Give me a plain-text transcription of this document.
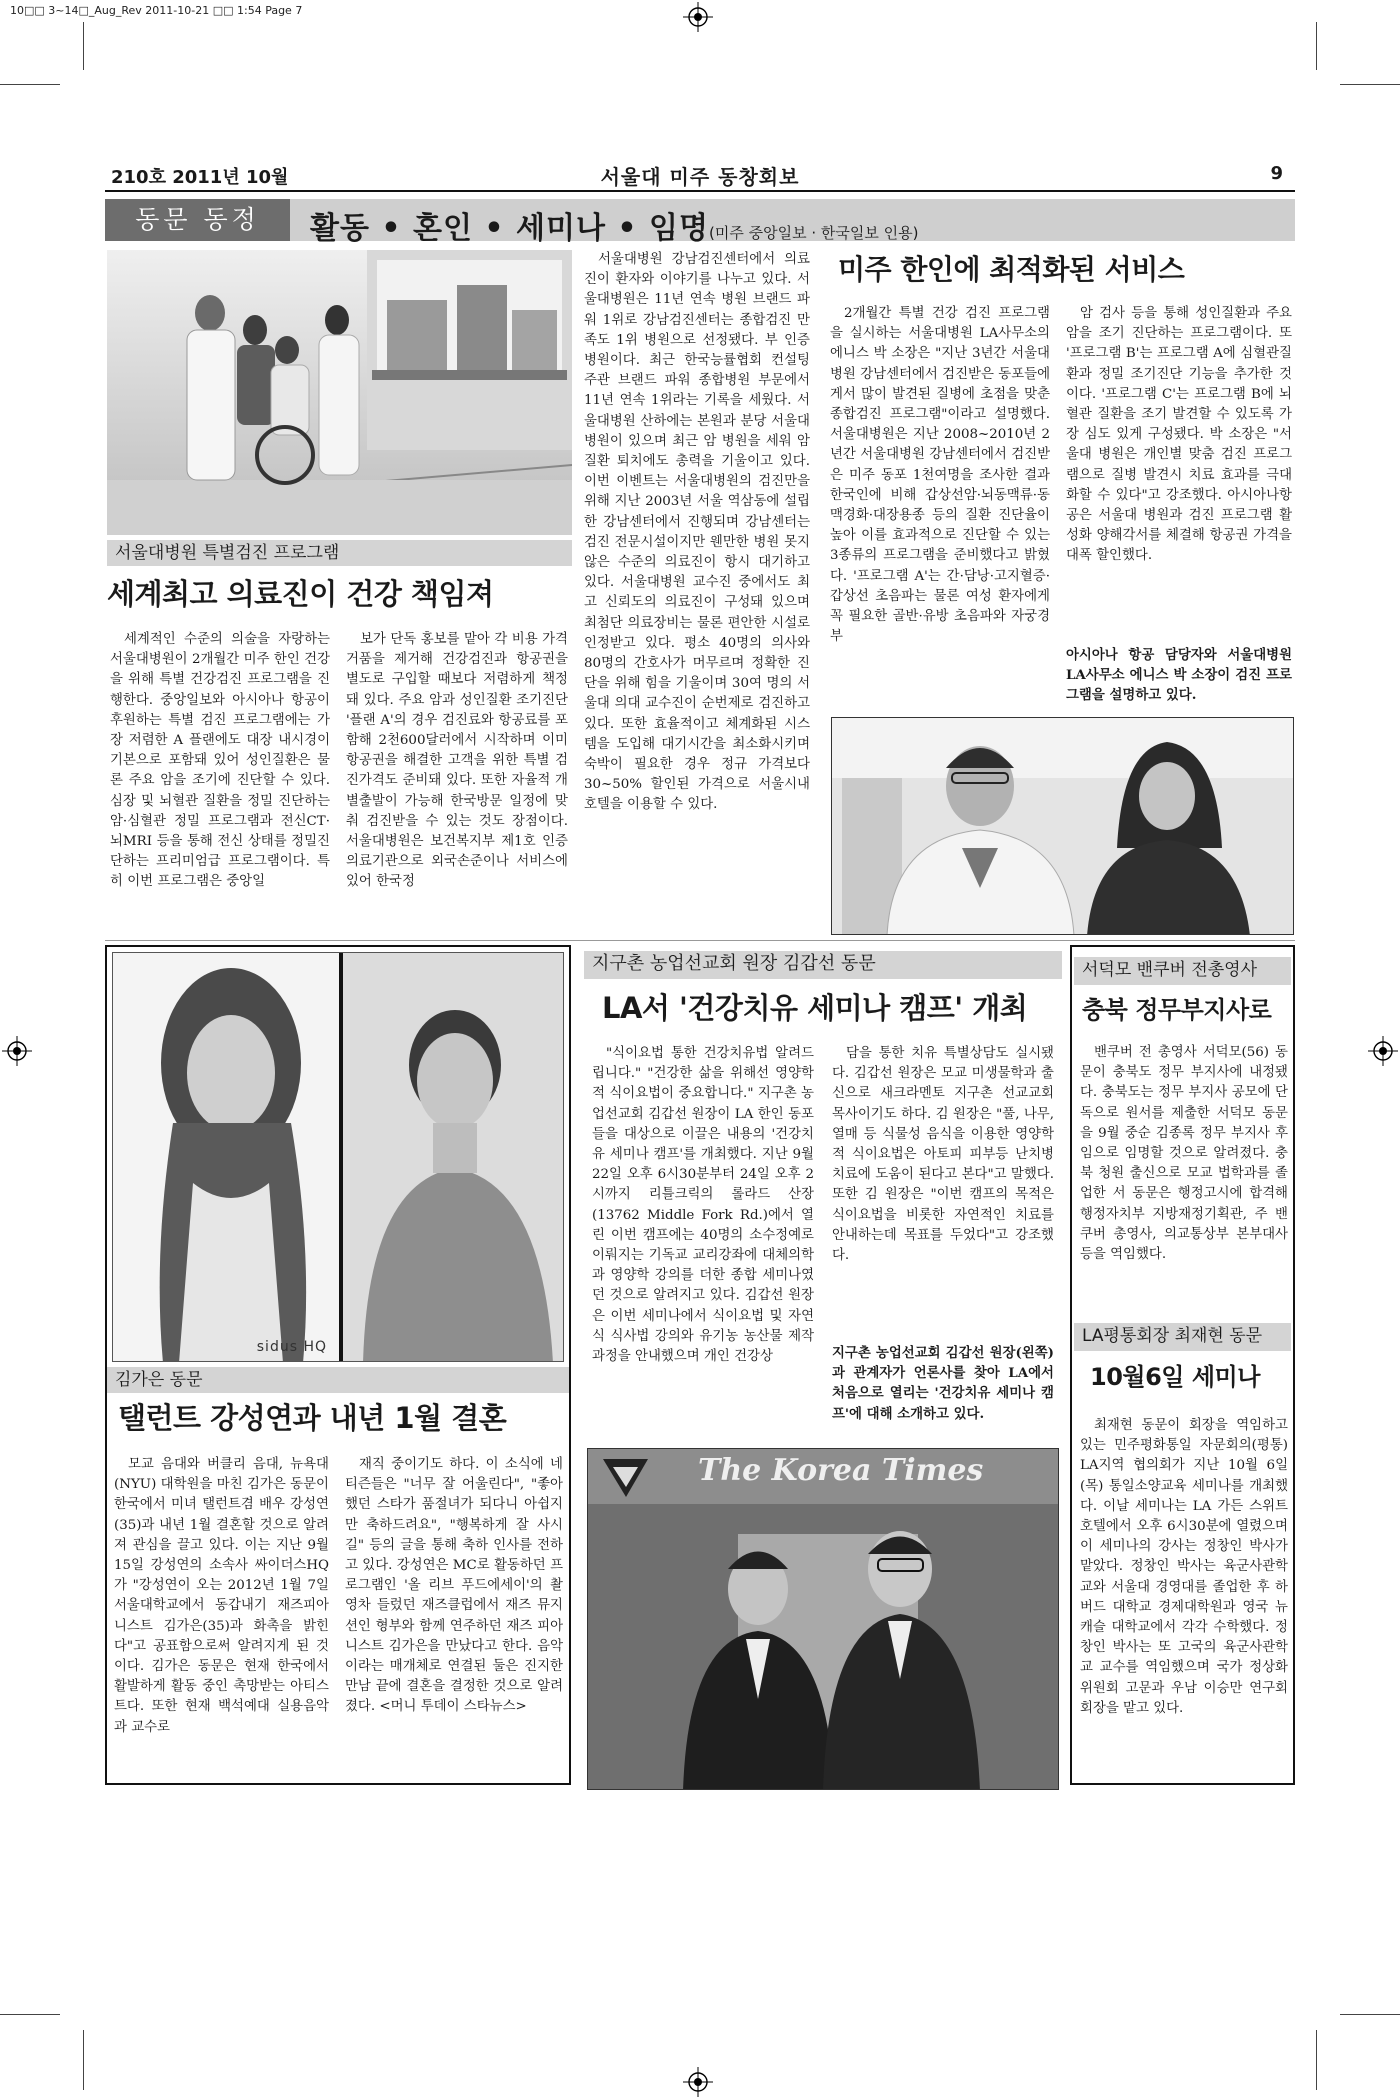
10□□ 3~14□_Aug_Rev 2011-10-21 □□ 1:54 Page 7
210호 2011년 10월	서울대 미주 동창회보	9
동문 동정	활동 • 혼인 • 세미나 • 임명(미주 중앙일보 · 한국일보 인용)
서울대병원 특별검진 프로그램
세계최고 의료진이 건강 책임져

세계적인 수준의 의술을 자랑하는 서울대병원이 2개월간 미주 한인 건강을 위해 특별 건강검진 프로그램을 진행한다. 중앙일보와 아시아나 항공이 후원하는 특별 검진 프로그램에는 가장 저렴한 A 플랜에도 대장 내시경이 기본으로 포함돼 있어 성인질환은 물론 주요 암을 조기에 진단할 수 있다. 심장 및 뇌혈관 질환을 정밀 진단하는 암·심혈관 정밀 프로그램과 전신CT·뇌MRI 등을 통해 전신 상태를 정밀진단하는 프리미엄급 프로그램이다. 특히 이번 프로그램은 중앙일

보가 단독 홍보를 맡아 각 비용 가격거품을 제거해 건강검진과 항공권을 별도로 구입할 때보다 저렴하게 책정돼 있다. 주요 암과 성인질환 조기진단 '플랜 A'의 경우 검진료와 항공료를 포함해 2천600달러에서 시작하며 이미 항공권을 해결한 고객을 위한 특별 검진가격도 준비돼 있다. 또한 자율적 개별출발이 가능해 한국방문 일정에 맞춰 검진받을 수 있는 것도 장점이다. 서울대병원은 보건복지부 제1호 인증 의료기관으로 외국손준이나 서비스에 있어 한국정

서울대병원 강남검진센터에서 의료진이 환자와 이야기를 나누고 있다. 서울대병원은 11년 연속 병원 브랜드 파워 1위로 강남검진센터는 종합검진 만족도 1위 병원으로 선정됐다. 부 인증 병원이다. 최근 한국능률협회 컨설팅 주관 브랜드 파워 종합병원 부문에서 11년 연속 1위라는 기록을 세웠다. 서울대병원 산하에는 본원과 분당 서울대병원이 있으며 최근 암 병원을 세워 암질환 퇴치에도 총력을 기울이고 있다. 이번 이벤트는 서울대병원의 검진만을 위해 지난 2003년 서울 역삼동에 설립한 강남센터에서 진행되며 강남센터는 검진 전문시설이지만 웬만한 병원 못지않은 수준의 의료진이 항시 대기하고 있다. 서울대병원 교수진 중에서도 최고 신뢰도의 의료진이 구성돼 있으며 최첨단 의료장비는 물론 편안한 시설로 인정받고 있다. 평소 40명의 의사와 80명의 간호사가 머무르며 정확한 진단을 위해 힘을 기울이며 30여 명의 서울대 의대 교수진이 순번제로 검진하고 있다. 또한 효율적이고 체계화된 시스템을 도입해 대기시간을 최소화시키며 숙박이 필요한 경우 정규 가격보다 30~50% 할인된 가격으로 서울시내 호텔을 이용할 수 있다.

미주 한인에 최적화된 서비스

2개월간 특별 건강 검진 프로그램을 실시하는 서울대병원 LA사무소의 에니스 박 소장은 "지난 3년간 서울대병원 강남센터에서 검진받은 동포들에게서 많이 발견된 질병에 초점을 맞춘 종합검진 프로그램"이라고 설명했다. 서울대병원은 지난 2008~2010년 2년간 서울대병원 강남센터에서 검진받은 미주 동포 1천여명을 조사한 결과 한국인에 비해 갑상선암·뇌동맥류·동맥경화·대장용종 등의 질환 진단율이 높아 이를 효과적으로 진단할 수 있는 3종류의 프로그램을 준비했다고 밝혔다. '프로그램 A'는 간·담낭·고지혈증·갑상선 초음파는 물론 여성 환자에게 꼭 필요한 골반·유방 초음파와 자궁경부

암 검사 등을 통해 성인질환과 주요 암을 조기 진단하는 프로그램이다. 또 '프로그램 B'는 프로그램 A에 심혈관질환과 정밀 조기진단 기능을 추가한 것이다. '프로그램 C'는 프로그램 B에 뇌혈관 질환을 조기 발견할 수 있도록 가장 심도 있게 구성됐다. 박 소장은 "서울대 병원은 개인별 맞춤 검진 프로그램으로 질병 발견시 치료 효과를 극대화할 수 있다"고 강조했다. 아시아나항공은 서울대 병원과 검진 프로그램 활성화 양해각서를 체결해 항공권 가격을 대폭 할인했다.

아시아나 항공 담당자와 서울대병원 LA사무소 에니스 박 소장이 검진 프로그램을 설명하고 있다.
sidus HQ
김가은 동문
탤런트 강성연과 내년 1월 결혼

모교 음대와 버클리 음대, 뉴욕대(NYU) 대학원을 마친 김가은 동문이 한국에서 미녀 탤런트겸 배우 강성연(35)과 내년 1월 결혼할 것으로 알려져 관심을 끌고 있다. 이는 지난 9월 15일 강성연의 소속사 싸이더스HQ가 "강성연이 오는 2012년 1월 7일 서울대학교에서 동갑내기 재즈피아니스트 김가은(35)과 화촉을 밝힌다"고 공표함으로써 알려지게 된 것이다. 김가은 동문은 현재 한국에서 활발하게 활동 중인 촉망받는 아티스트다. 또한 현재 백석예대 실용음악과 교수로

재직 중이기도 하다. 이 소식에 네티즌들은 "너무 잘 어울린다", "좋아했던 스타가 품절녀가 되다니 아쉽지만 축하드려요", "행복하게 잘 사시길" 등의 글을 통해 축하 인사를 전하고 있다. 강성연은 MC로 활동하던 프로그램인 '올 리브 푸드에세이'의 촬영차 들렀던 재즈클럽에서 재즈 뮤지션인 형부와 함께 연주하던 재즈 피아니스트 김가은을 만났다고 한다. 음악이라는 매개체로 연결된 둘은 진지한 만남 끝에 결혼을 결정한 것으로 알려졌다. <머니 투데이 스타뉴스>

지구촌 농업선교회 원장 김갑선 동문
LA서 '건강치유 세미나 캠프' 개최

"식이요법 통한 건강치유법 알려드립니다." "건강한 삶을 위해선 영양학적 식이요법이 중요합니다." 지구촌 농업선교회 김갑선 원장이 LA 한인 동포들을 대상으로 이끌은 내용의 '건강치유 세미나 캠프'를 개최했다. 지난 9월 22일 오후 6시30분부터 24일 오후 2시까지 리틀크릭의 롤라드 산장(13762 Middle Fork Rd.)에서 열린 이번 캠프에는 40명의 소수정예로 이뤄지는 기독교 교리강좌에 대체의학과 영양학 강의를 더한 종합 세미나였던 것으로 알려지고 있다. 김갑선 원장은 이번 세미나에서 식이요법 및 자연식 식사법 강의와 유기농 농산물 제작과정을 안내했으며 개인 건강상

담을 통한 치유 특별상담도 실시됐다. 김갑선 원장은 모교 미생물학과 출신으로 새크라멘토 지구촌 선교교회 목사이기도 하다. 김 원장은 "풀, 나무, 열매 등 식물성 음식을 이용한 영양학적 식이요법은 아토피 피부등 난치병 치료에 도움이 된다고 본다"고 말했다. 또한 김 원장은 "이번 캠프의 목적은 식이요법을 비롯한 자연적인 치료를 안내하는데 목표를 두었다"고 강조했다.

지구촌 농업선교회 김갑선 원장(왼쪽)과 관계자가 언론사를 찾아 LA에서 처음으로 열리는 '건강치유 세미나 캠프'에 대해 소개하고 있다.
The Korea Times
서덕모 밴쿠버 전총영사
충북 정무부지사로

밴쿠버 전 총영사 서덕모(56) 동문이 충북도 정무 부지사에 내정됐다. 충북도는 정무 부지사 공모에 단독으로 원서를 제출한 서덕모 동문을 9월 중순 김종록 정무 부지사 후임으로 임명할 것으로 알려졌다. 충북 청원 출신으로 모교 법학과를 졸업한 서 동문은 행정고시에 합격해 행정자치부 지방재정기획관, 주 밴쿠버 총영사, 의교통상부 본부대사 등을 역임했다.

LA평통회장 최재현 동문
10월6일 세미나

최재현 동문이 회장을 역임하고 있는 민주평화통일 자문회의(평통) LA지역 협의회가 지난 10월 6일(목) 통일소양교육 세미나를 개최했다. 이날 세미나는 LA 가든 스위트 호텔에서 오후 6시30분에 열렸으며 이 세미나의 강사는 정창인 박사가 맡았다. 정창인 박사는 육군사관학교와 서울대 경영대를 졸업한 후 하버드 대학교 경제대학원과 영국 뉴캐슬 대학교에서 각각 수학했다. 정창인 박사는 또 고국의 육군사관학교 교수를 역임했으며 국가 정상화위원회 고문과 우남 이승만 연구회 회장을 맡고 있다.
